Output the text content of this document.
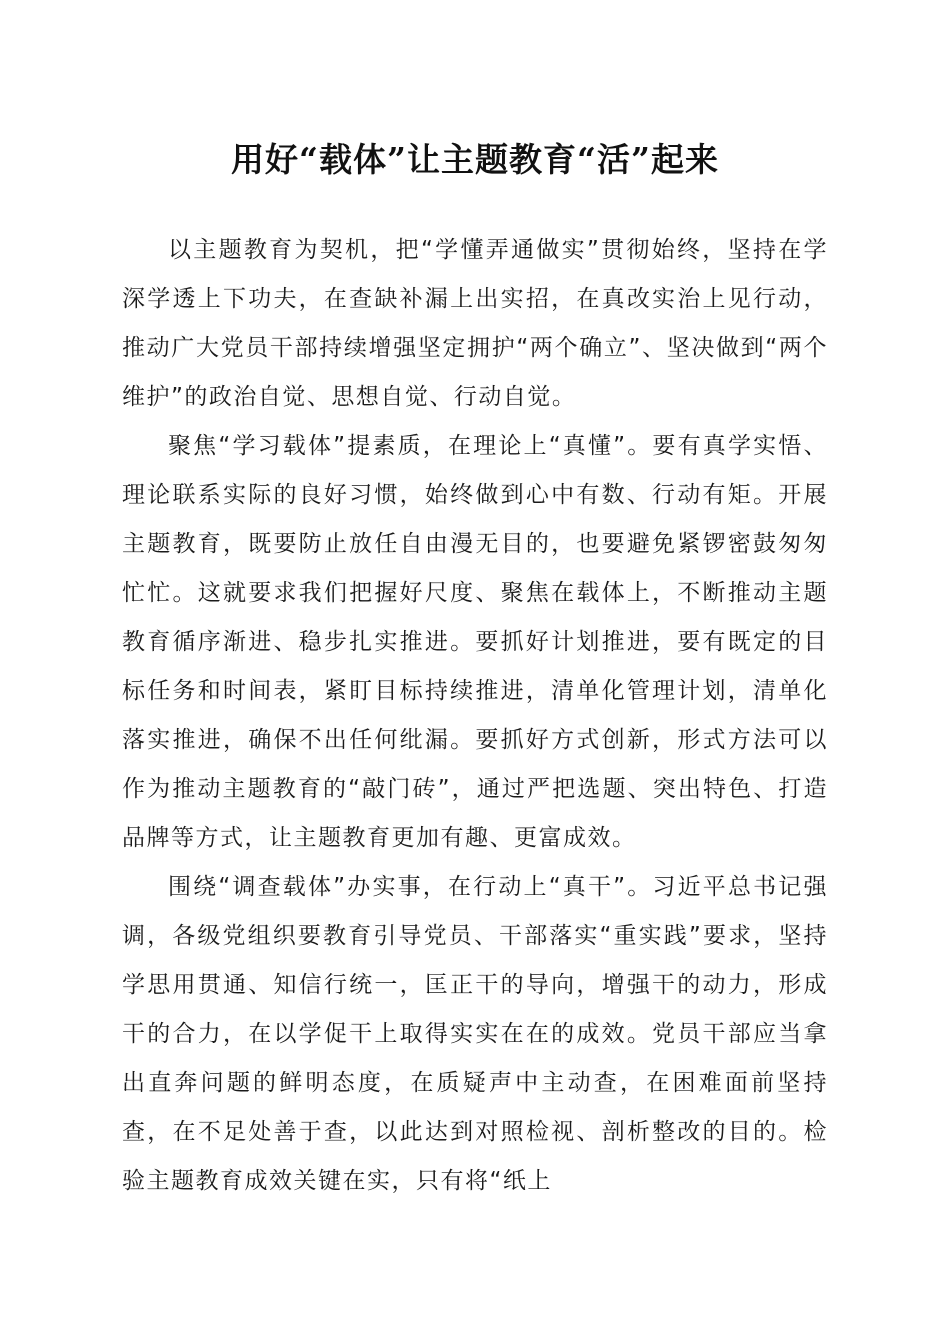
用好“载体”让主题教育“活”起来

以主题教育为契机，把“学懂弄通做实”贯彻始终，坚持在学深学透上下功夫，在查缺补漏上出实招，在真改实治上见行动，推动广大党员干部持续增强坚定拥护“两个确立”、坚决做到“两个维护”的政治自觉、思想自觉、行动自觉。

聚焦“学习载体”提素质，在理论上“真懂”。要有真学实悟、理论联系实际的良好习惯，始终做到心中有数、行动有矩。开展主题教育，既要防止放任自由漫无目的，也要避免紧锣密鼓匆匆忙忙。这就要求我们把握好尺度、聚焦在载体上，不断推动主题教育循序渐进、稳步扎实推进。要抓好计划推进，要有既定的目标任务和时间表，紧盯目标持续推进，清单化管理计划，清单化落实推进，确保不出任何纰漏。要抓好方式创新，形式方法可以作为推动主题教育的“敲门砖”，通过严把选题、突出特色、打造品牌等方式，让主题教育更加有趣、更富成效。

围绕“调查载体”办实事，在行动上“真干”。习近平总书记强调，各级党组织要教育引导党员、干部落实“重实践”要求，坚持学思用贯通、知信行统一，匡正干的导向，增强干的动力，形成干的合力，在以学促干上取得实实在在的成效。党员干部应当拿出直奔问题的鲜明态度，在质疑声中主动查，在困难面前坚持查，在不足处善于查，以此达到对照检视、剖析整改的目的。检验主题教育成效关键在实，只有将“纸上
